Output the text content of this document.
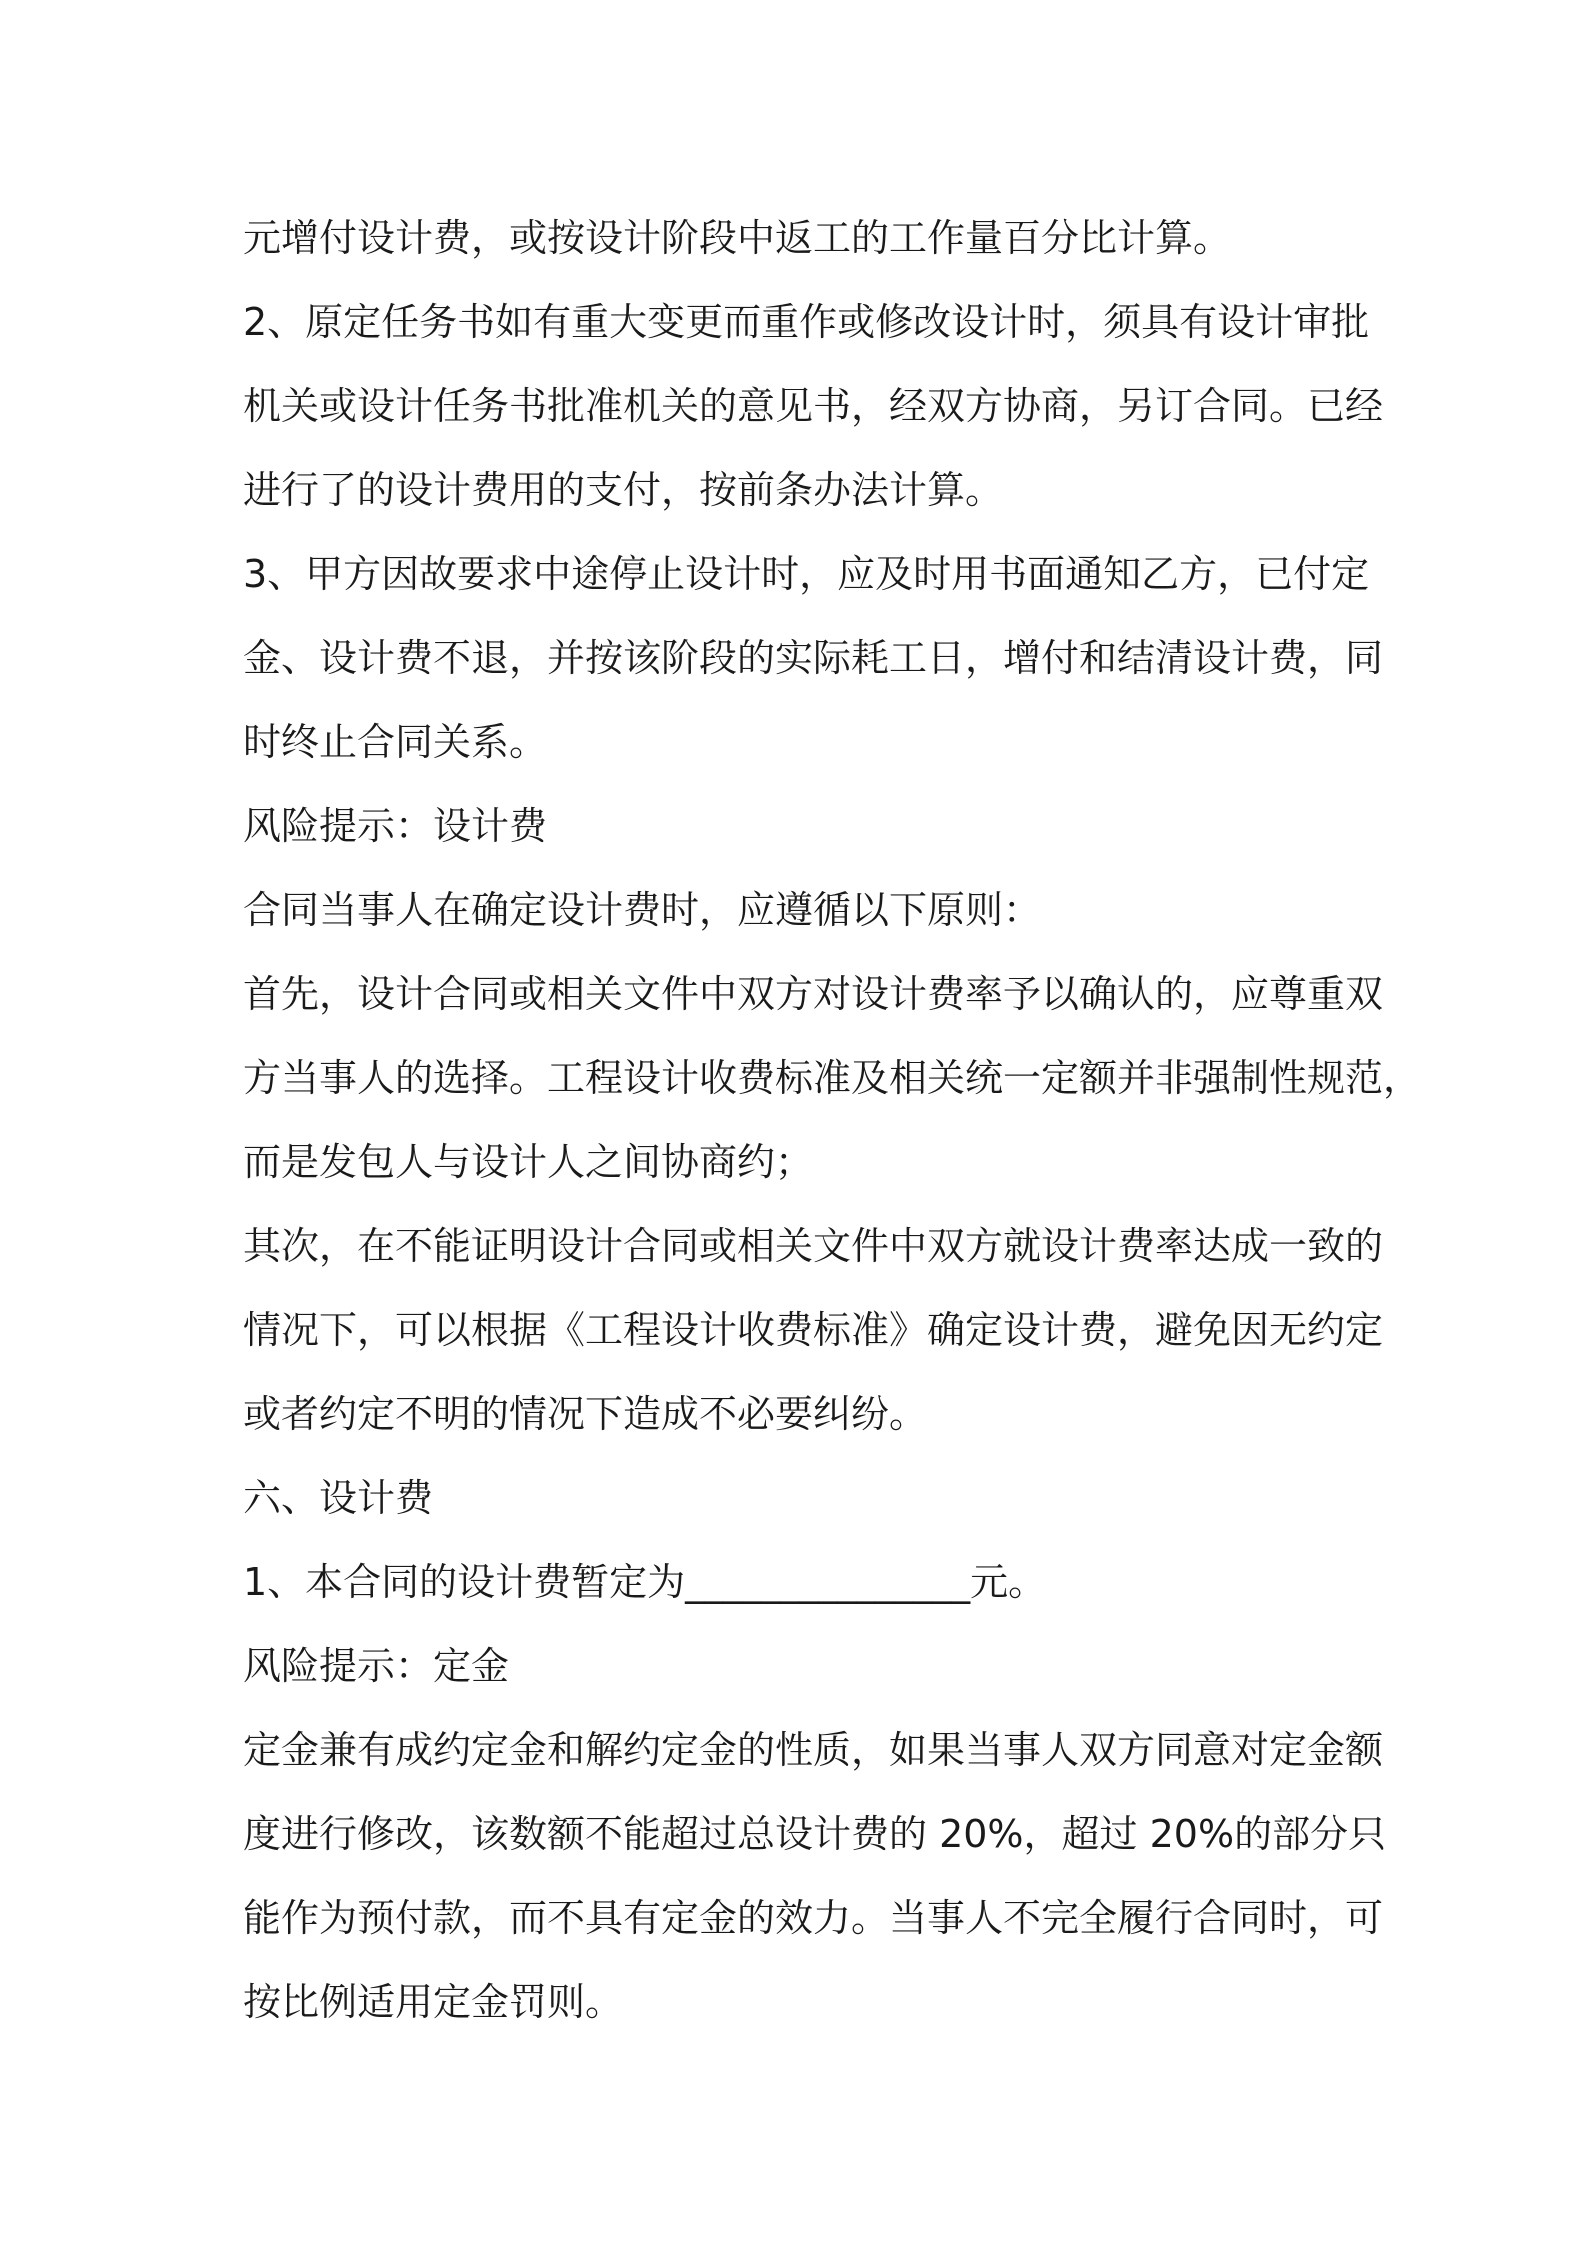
元增付设计费，或按设计阶段中返工的工作量百分比计算。
2、原定任务书如有重大变更而重作或修改设计时，须具有设计审批
机关或设计任务书批准机关的意见书，经双方协商，另订合同。已经
进行了的设计费用的支付，按前条办法计算。
3、甲方因故要求中途停止设计时，应及时用书面通知乙方，已付定
金、设计费不退，并按该阶段的实际耗工日，增付和结清设计费，同
时终止合同关系。
风险提示：设计费
合同当事人在确定设计费时，应遵循以下原则：
首先，设计合同或相关文件中双方对设计费率予以确认的，应尊重双
方当事人的选择。工程设计收费标准及相关统一定额并非强制性规范，
而是发包人与设计人之间协商约；
其次，在不能证明设计合同或相关文件中双方就设计费率达成一致的
情况下，可以根据《工程设计收费标准》确定设计费，避免因无约定
或者约定不明的情况下造成不必要纠纷。
六、设计费
1、本合同的设计费暂定为_______________元。
风险提示：定金
定金兼有成约定金和解约定金的性质，如果当事人双方同意对定金额
度进行修改，该数额不能超过总设计费的 20%，超过 20%的部分只
能作为预付款，而不具有定金的效力。当事人不完全履行合同时，可
按比例适用定金罚则。
